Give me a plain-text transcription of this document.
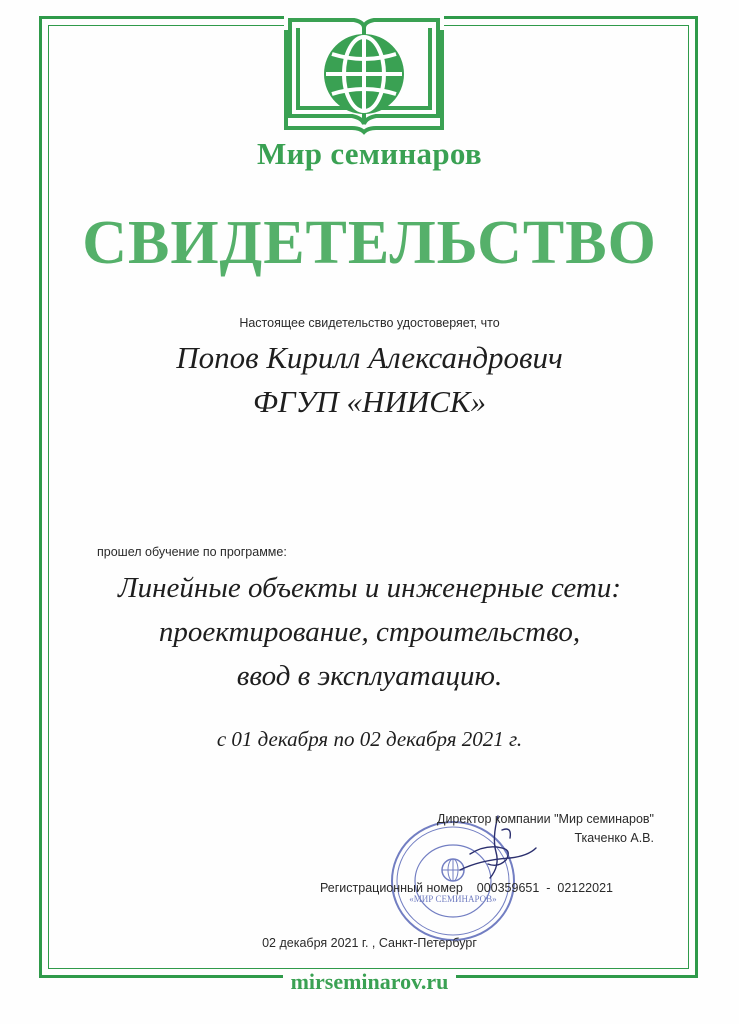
Мир семинаров
СВИДЕТЕЛЬСТВО
Настоящее свидетельство удостоверяет, что
Попов Кирилл Александрович
ФГУП «НИИСК»
прошел обучение по программе:
Линейные объекты и инженерные сети:
проектирование, строительство,
ввод в эксплуатацию.
с 01 декабря по 02 декабря 2021 г.
«МИР СЕМИНАРОВ»
Директор компании "Мир семинаров"
Ткаченко А.В.
Регистрационный номер    000359651  -  02122021
02 декабря 2021 г. , Санкт-Петербург
mirseminarov.ru
